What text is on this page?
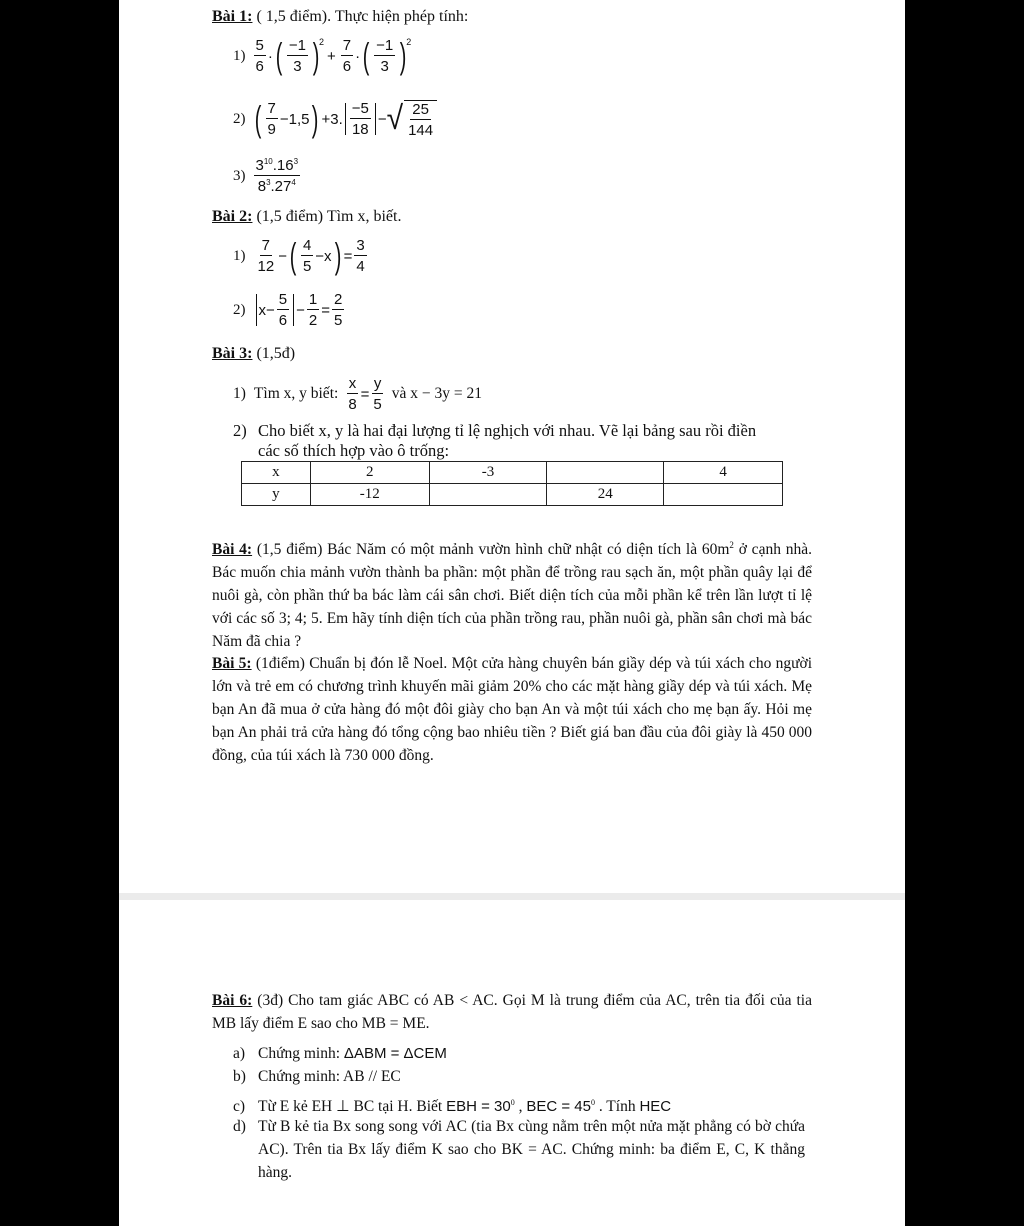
Bài 1: ( 1,5 điểm). Thực hiện phép tính:
$1) \frac{5}{6}$ · ( $\frac{-1}{3}$ ) 2
+ $\frac{7}{6}$ · ( $\frac{-1}{3}$ ) 2
2) ( $\frac{7}{9} -1,5$ ) +3. $\frac{-5}{18}$ − √ $\frac{25}{144}$
$3) \frac{3^{10}.16^3}{8^3.27^4}$
Bài 2: (1,5 điểm) Tìm x, biết.
$1) \frac{7}{12}$ − ( $\frac{4}{5} -x$ ) = $\frac{3}{4}$
2) $x- \frac{5}{6} - \frac{1}{2} = \frac{2}{5}$
Bài 3: (1,5đ)
1) Tìm x, y biết: $\frac{x}{8} = \frac{y}{5}$ và x − 3y = 21
2) Cho biết x, y là hai đại lượng tỉ lệ nghịch với nhau. Vẽ lại bảng sau rồi điền
các số thích hợp vào ô trống:
x	2	-3		4
y	-12		24	
Bài 4: (1,5 điểm) Bác Năm có một mảnh vườn hình chữ nhật có diện tích là $60m^2$ ở cạnh nhà. Bác muốn chia mảnh vườn thành ba phần: một phần để trồng rau sạch ăn, một phần quây lại để nuôi gà, còn phần thứ ba bác làm cái sân chơi. Biết diện tích của mỗi phần kể trên lần lượt tỉ lệ với các số 3; 4; 5. Em hãy tính diện tích của phần trồng rau, phần nuôi gà, phần sân chơi mà bác Năm đã chia ?
Bài 5: (1điểm) Chuẩn bị đón lễ Noel. Một cửa hàng chuyên bán giầy dép và túi xách cho người lớn và trẻ em có chương trình khuyến mãi giảm 20% cho các mặt hàng giầy dép và túi xách. Mẹ bạn An đã mua ở cửa hàng đó một đôi giày cho bạn An và một túi xách cho mẹ bạn ấy. Hỏi mẹ bạn An phải trả cửa hàng đó tổng cộng bao nhiêu tiền ? Biết giá ban đầu của đôi giày là 450 000 đồng, của túi xách là 730 000 đồng.
Bài 6: (3đ) Cho tam giác ABC có AB < AC. Gọi M là trung điểm của AC, trên tia đối của tia MB lấy điểm E sao cho MB = ME.
a) Chứng minh: ΔABM = ΔCEM
b) Chứng minh: AB // EC
c) Từ E kẻ EH ⊥ BC tại H. Biết EBH = $30^0$ , BEC = $45^0$ . Tính HEC
d) Từ B kẻ tia Bx song song với AC (tia Bx cùng nằm trên một nửa mặt phẳng có bờ chứa AC). Trên tia Bx lấy điểm K sao cho BK = AC. Chứng minh: ba điểm E, C, K thẳng hàng.
